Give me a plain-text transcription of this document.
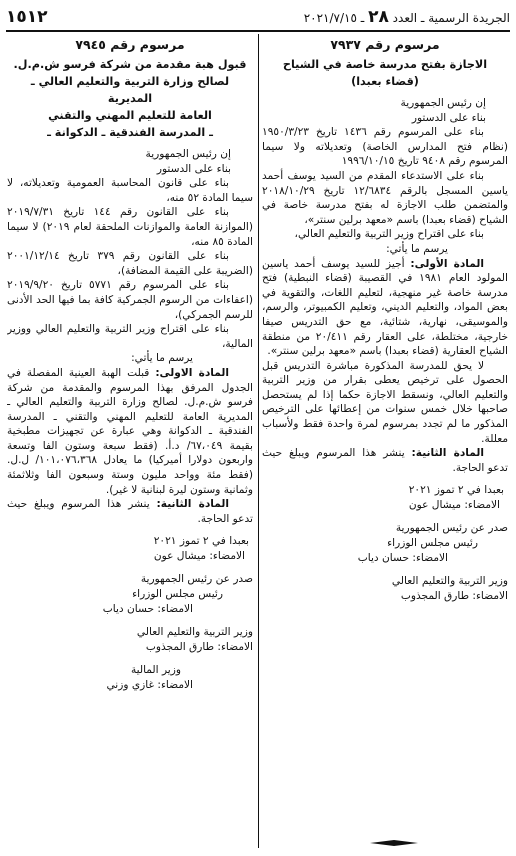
١٥١٢	الجريدة الرسمية ـ العدد ٢٨ ـ ٢٠٢١/٧/١٥
مرسوم رقم ٧٩٣٧
الاجازة بفتح مدرسة خاصة في الشياح
(قضاء بعبدا)

إن رئيس الجمهورية

بناء على الدستور

بناء على المرسوم رقم ١٤٣٦ تاريخ ١٩٥٠/٣/٢٣ (نظام فتح المدارس الخاصة) وتعديلاته ولا سيما المرسوم رقم ٩٤٠٨ تاريخ ١٩٩٦/١٠/١٥

بناء على الاستدعاء المقدم من السيد يوسف أحمد ياسين المسجل بالرقم ١٢/٦٨٣٤ تاريخ ٢٠١٨/١٠/٢٩ والمتضمن طلب الاجازة له بفتح مدرسة خاصة في الشياح (قضاء بعبدا) باسم «معهد برلين سنتر»،

بناء على اقتراح وزير التربية والتعليم العالي،

يرسم ما يأتي:

المادة الأولى: أجيز للسيد يوسف أحمد ياسين المولود العام ١٩٨١ في القصيبة (قضاء النبطية) فتح مدرسة خاصة غير منهجية، لتعليم اللغات، والتقوية في بعض المواد، والتعليم الديني، وتعليم الكمبيوتر، والرسم، والموسيقى، نهارية، شتائية، مع حق التدريس صيفا خارجية، مختلطة، على العقار رقم ٢٠/٤١١ من منطقة الشياح العقارية (قضاء بعبدا) باسم «معهد برلين سنتر».

لا يحق للمدرسة المذكورة مباشرة التدريس قبل الحصول على ترخيص يعطى بقرار من وزير التربية والتعليم العالي، ونسقط الاجازة حكما إذا لم يستحصل صاحبها خلال خمس سنوات من إعطائها على الترخيص المذكور ما لم تجدد بمرسوم لمرة واحدة فقط ولأسباب معللة.

المادة الثانية: ينشر هذا المرسوم ويبلغ حيث تدعو الحاجة.

بعبدا في ٢ تموز ٢٠٢١
الامضاء: ميشال عون
صدر عن رئيس الجمهورية
رئيس مجلس الوزراء
الامضاء: حسان دياب
وزير التربية والتعليم العالي
الامضاء: طارق المجذوب
مرسوم رقم ٧٩٤٥
قبول هبة مقدمة من شركة فرسو ش.م.ل.
لصالح وزارة التربية والتعليم العالي ـ المديرية
العامة للتعليم المهني والتقني
ـ المدرسة الفندقية ـ الدكوانة ـ

إن رئيس الجمهورية

بناء على الدستور

بناء على قانون المحاسبة العمومية وتعديلاته، لا سيما المادة ٥٢ منه،

بناء على القانون رقم ١٤٤ تاريخ ٢٠١٩/٧/٣١ (الموازنة العامة والموازنات الملحقة لعام ٢٠١٩) لا سيما المادة ٨٥ منه،

بناء على القانون رقم ٣٧٩ تاريخ ٢٠٠١/١٢/١٤ (الضريبة على القيمة المضافة)،

بناء على المرسوم رقم ٥٧٧١ تاريخ ٢٠١٩/٩/٢٠ (اعفاءات من الرسوم الجمركية كافة بما فيها الحد الأدنى للرسم الجمركي)،

بناء على اقتراح وزير التربية والتعليم العالي ووزير المالية،

يرسم ما يأتي:

المادة الاولى: قبلت الهبة العينية المفصلة في الجدول المرفق بهذا المرسوم والمقدمة من شركة فرسو ش.م.ل. لصالح وزارة التربية والتعليم العالي ـ المديرية العامة للتعليم المهني والتقني ـ المدرسة الفندقية ـ الدكوانة وهي عبارة عن تجهيزات مطبخية بقيمة ٦٧،٠٤٩/ د.أ. (فقط سبعة وستون الفا وتسعة واربعون دولارا أميركيا) ما يعادل ١٠١،٠٧٦،٣٦٨/ ل.ل. (فقط مئة وواحد مليون وستة وسبعون الفا وثلاثمئة وثمانية وستون ليرة لبنانية لا غير).

المادة الثانية: ينشر هذا المرسوم ويبلغ حيث تدعو الحاجة.

بعبدا في ٢ تموز ٢٠٢١
الامضاء: ميشال عون
صدر عن رئيس الجمهورية
رئيس مجلس الوزراء
الامضاء: حسان دياب
وزير التربية والتعليم العالي
الامضاء: طارق المجذوب
وزير المالية
الامضاء: غازي وزني
